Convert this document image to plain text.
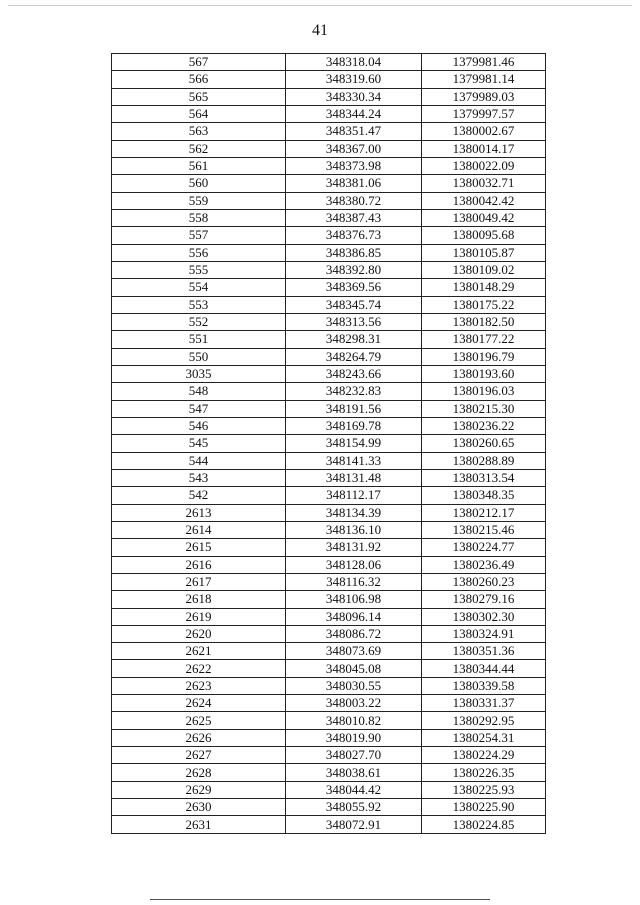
41
567	348318.04	1379981.46
566	348319.60	1379981.14
565	348330.34	1379989.03
564	348344.24	1379997.57
563	348351.47	1380002.67
562	348367.00	1380014.17
561	348373.98	1380022.09
560	348381.06	1380032.71
559	348380.72	1380042.42
558	348387.43	1380049.42
557	348376.73	1380095.68
556	348386.85	1380105.87
555	348392.80	1380109.02
554	348369.56	1380148.29
553	348345.74	1380175.22
552	348313.56	1380182.50
551	348298.31	1380177.22
550	348264.79	1380196.79
3035	348243.66	1380193.60
548	348232.83	1380196.03
547	348191.56	1380215.30
546	348169.78	1380236.22
545	348154.99	1380260.65
544	348141.33	1380288.89
543	348131.48	1380313.54
542	348112.17	1380348.35
2613	348134.39	1380212.17
2614	348136.10	1380215.46
2615	348131.92	1380224.77
2616	348128.06	1380236.49
2617	348116.32	1380260.23
2618	348106.98	1380279.16
2619	348096.14	1380302.30
2620	348086.72	1380324.91
2621	348073.69	1380351.36
2622	348045.08	1380344.44
2623	348030.55	1380339.58
2624	348003.22	1380331.37
2625	348010.82	1380292.95
2626	348019.90	1380254.31
2627	348027.70	1380224.29
2628	348038.61	1380226.35
2629	348044.42	1380225.93
2630	348055.92	1380225.90
2631	348072.91	1380224.85
